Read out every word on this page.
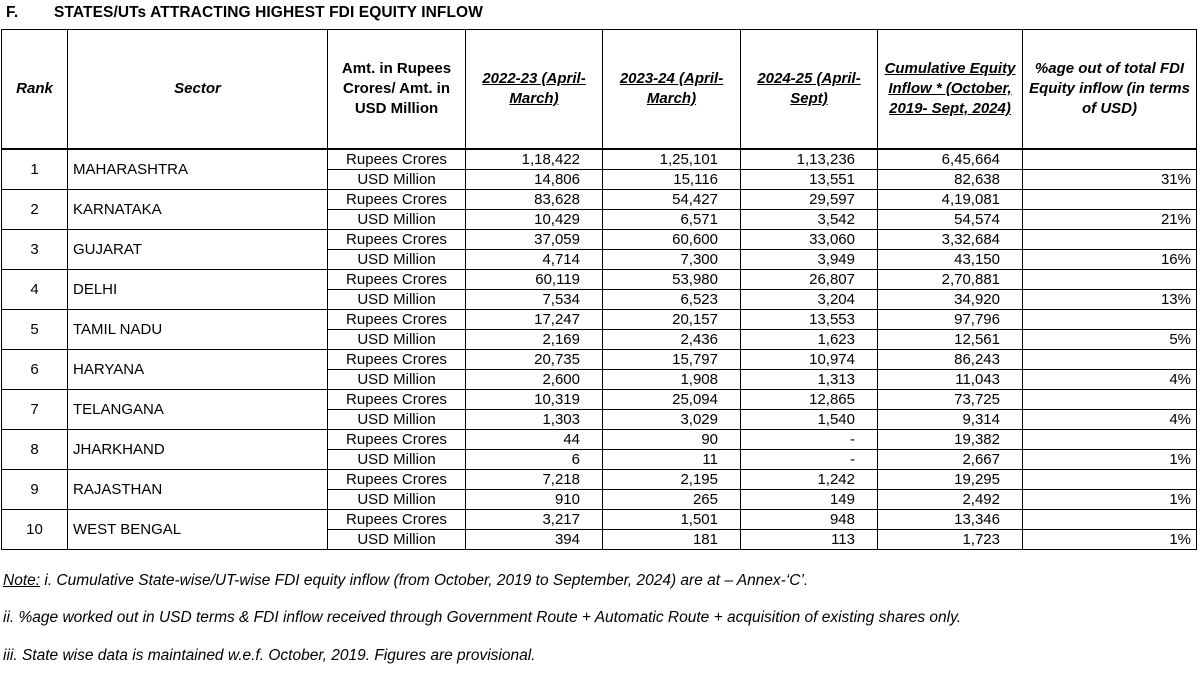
F. STATES/UTs ATTRACTING HIGHEST FDI EQUITY INFLOW
Rank	Sector	Amt. in Rupees Crores/ Amt. in USD Million	2022-23 (April-March)	2023-24 (April-March)	2024-25 (April-Sept)	Cumulative Equity Inflow * (October, 2019- Sept, 2024)	%age out of total FDI Equity inflow (in terms of USD)
1	MAHARASHTRA	Rupees Crores	1,18,422	1,25,101	1,13,236	6,45,664	
		USD Million	14,806	15,116	13,551	82,638	31%
2	KARNATAKA	Rupees Crores	83,628	54,427	29,597	4,19,081	
		USD Million	10,429	6,571	3,542	54,574	21%
3	GUJARAT	Rupees Crores	37,059	60,600	33,060	3,32,684	
		USD Million	4,714	7,300	3,949	43,150	16%
4	DELHI	Rupees Crores	60,119	53,980	26,807	2,70,881	
		USD Million	7,534	6,523	3,204	34,920	13%
5	TAMIL NADU	Rupees Crores	17,247	20,157	13,553	97,796	
		USD Million	2,169	2,436	1,623	12,561	5%
6	HARYANA	Rupees Crores	20,735	15,797	10,974	86,243	
		USD Million	2,600	1,908	1,313	11,043	4%
7	TELANGANA	Rupees Crores	10,319	25,094	12,865	73,725	
		USD Million	1,303	3,029	1,540	9,314	4%
8	JHARKHAND	Rupees Crores	44	90	-	19,382	
		USD Million	6	11	-	2,667	1%
9	RAJASTHAN	Rupees Crores	7,218	2,195	1,242	19,295	
		USD Million	910	265	149	2,492	1%
10	WEST BENGAL	Rupees Crores	3,217	1,501	948	13,346	
		USD Million	394	181	113	1,723	1%
Note: i. Cumulative State-wise/UT-wise FDI equity inflow (from October, 2019 to September, 2024) are at – Annex-‘C’.
ii. %age worked out in USD terms & FDI inflow received through Government Route + Automatic Route + acquisition of existing shares only.
iii. State wise data is maintained w.e.f. October, 2019. Figures are provisional.
